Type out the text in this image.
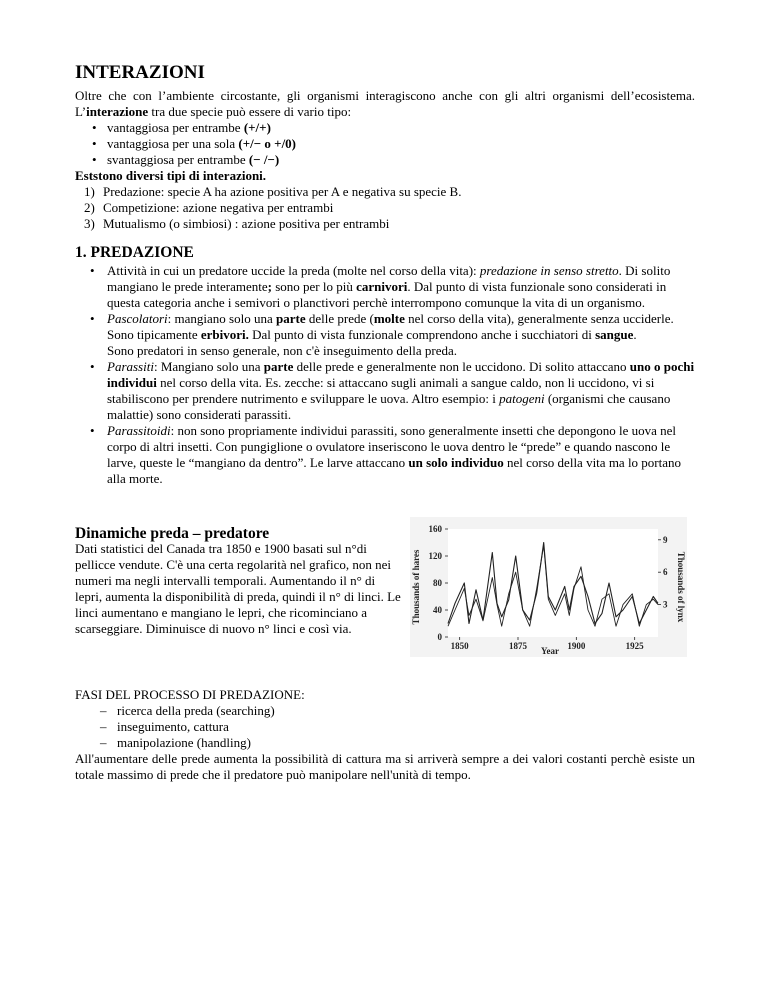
INTERAZIONI

Oltre che con l’ambiente circostante, gli organismi interagiscono anche con gli altri organismi dell’ecosistema. L’interazione tra due specie può essere di vario tipo:

• vantaggiosa per entrambe (+/+)
• vantaggiosa per una sola (+/− o +/0)
• svantaggiosa per entrambe (− /−)

Eststono diversi tipi di interazioni.

1) Predazione: specie A ha azione positiva per A e negativa su specie B.
2) Competizione: azione negativa per entrambi
3) Mutualismo (o simbiosi) : azione positiva per entrambi
1. PREDAZIONE
• Attività in cui un predatore uccide la preda (molte nel corso della vita): predazione in senso stretto. Di solito mangiano le prede interamente; sono per lo più carnivori. Dal punto di vista funzionale sono considerati in questa categoria anche i semivori o planctivori perchè interrompono comunque la vita di un organismo.
• Pascolatori: mangiano solo una parte delle prede (molte nel corso della vita), generalmente senza ucciderle. Sono tipicamente erbivori. Dal punto di vista funzionale comprendono anche i succhiatori di sangue.
Sono predatori in senso generale, non c'è inseguimento della preda.
• Parassiti: Mangiano solo una parte delle prede e generalmente non le uccidono. Di solito attaccano uno o pochi individui nel corso della vita. Es. zecche: si attaccano sugli animali a sangue caldo, non li uccidono, vi si stabiliscono per prendere nutrimento e sviluppare le uova. Altro esempio: i patogeni (organismi che causano malattie) sono considerati parassiti.
• Parassitoidi: non sono propriamente individui parassiti, sono generalmente insetti che depongono le uova nel corpo di altri insetti. Con pungiglione o ovulatore inseriscono le uova dentro le “prede” e quando nascono le larve, queste le “mangiano da dentro”. Le larve attaccano un solo individuo nel corso della vita ma lo portano alla morte.
Dinamiche preda – predatore

Dati statistici del Canada tra 1850 e 1900 basati sul n°di pellicce vendute. C'è una certa regolarità nel grafico, non nei numeri ma negli intervalli temporali. Aumentando il n° di lepri, aumenta la disponibilità di preda, quindi il n° di linci. Le linci aumentano e mangiano le lepri, che ricominciano a scarseggiare. Diminuisce di nuovo n° linci e così via.

Thousands of hares	Thousands of lynx
Year
0
40
80
120
160
3
6
9
1850	1875	1900	1925

FASI DEL PROCESSO DI PREDAZIONE:

– ricerca della preda (searching)
– inseguimento, cattura
– manipolazione (handling)

All'aumentare delle prede aumenta la possibilità di cattura ma si arriverà sempre a dei valori costanti perchè esiste un totale massimo di prede che il predatore può manipolare nell'unità di tempo.
